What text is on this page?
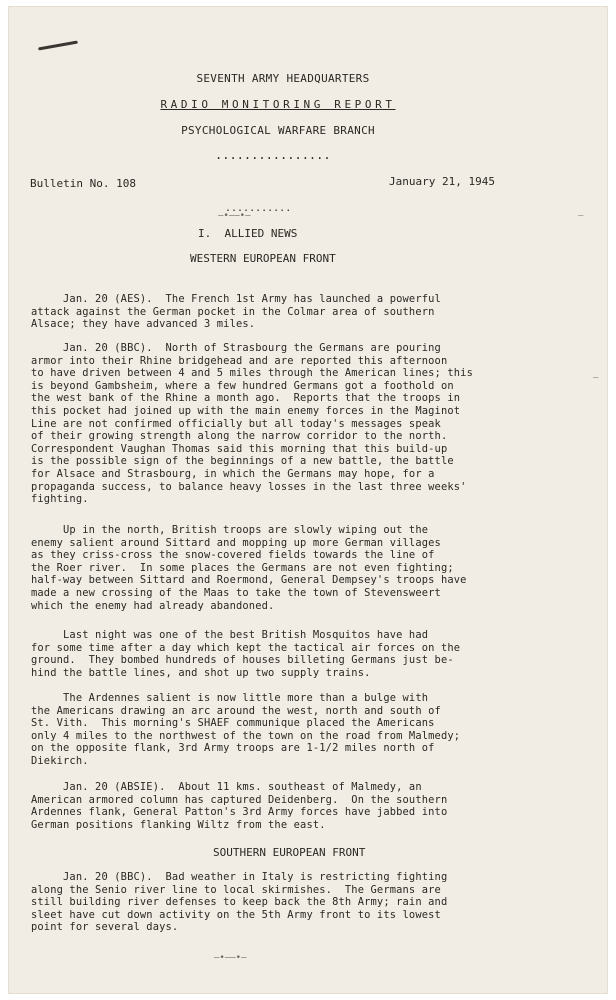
SEVENTH ARMY HEADQUARTERS
RADIO MONITORING REPORT
PSYCHOLOGICAL WARFARE BRANCH
................
Bulletin No. 108	January 21, 1945
...........
‒•‒‒•‒
I.  ALLIED NEWS
WESTERN EUROPEAN FRONT
Jan. 20 (AES).  The French 1st Army has launched a powerful
attack against the German pocket in the Colmar area of southern
Alsace; they have advanced 3 miles.
Jan. 20 (BBC).  North of Strasbourg the Germans are pouring
armor into their Rhine bridgehead and are reported this afternoon
to have driven between 4 and 5 miles through the American lines; this
is beyond Gambsheim, where a few hundred Germans got a foothold on
the west bank of the Rhine a month ago.  Reports that the troops in
this pocket had joined up with the main enemy forces in the Maginot
Line are not confirmed officially but all today's messages speak
of their growing strength along the narrow corridor to the north.
Correspondent Vaughan Thomas said this morning that this build-up
is the possible sign of the beginnings of a new battle, the battle
for Alsace and Strasbourg, in which the Germans may hope, for a
propaganda success, to balance heavy losses in the last three weeks'
fighting.
Up in the north, British troops are slowly wiping out the
enemy salient around Sittard and mopping up more German villages
as they criss-cross the snow-covered fields towards the line of
the Roer river.  In some places the Germans are not even fighting;
half-way between Sittard and Roermond, General Dempsey's troops have
made a new crossing of the Maas to take the town of Stevensweert
which the enemy had already abandoned.
Last night was one of the best British Mosquitos have had
for some time after a day which kept the tactical air forces on the
ground.  They bombed hundreds of houses billeting Germans just be-
hind the battle lines, and shot up two supply trains.
The Ardennes salient is now little more than a bulge with
the Americans drawing an arc around the west, north and south of
St. Vith.  This morning's SHAEF communique placed the Americans
only 4 miles to the northwest of the town on the road from Malmedy;
on the opposite flank, 3rd Army troops are 1-1/2 miles north of
Diekirch.
Jan. 20 (ABSIE).  About 11 kms. southeast of Malmedy, an
American armored column has captured Deidenberg.  On the southern
Ardennes flank, General Patton's 3rd Army forces have jabbed into
German positions flanking Wiltz from the east.
SOUTHERN EUROPEAN FRONT
Jan. 20 (BBC).  Bad weather in Italy is restricting fighting
along the Senio river line to local skirmishes.  The Germans are
still building river defenses to keep back the 8th Army; rain and
sleet have cut down activity on the 5th Army front to its lowest
point for several days.
‒•‒‒•‒
‒
‒
